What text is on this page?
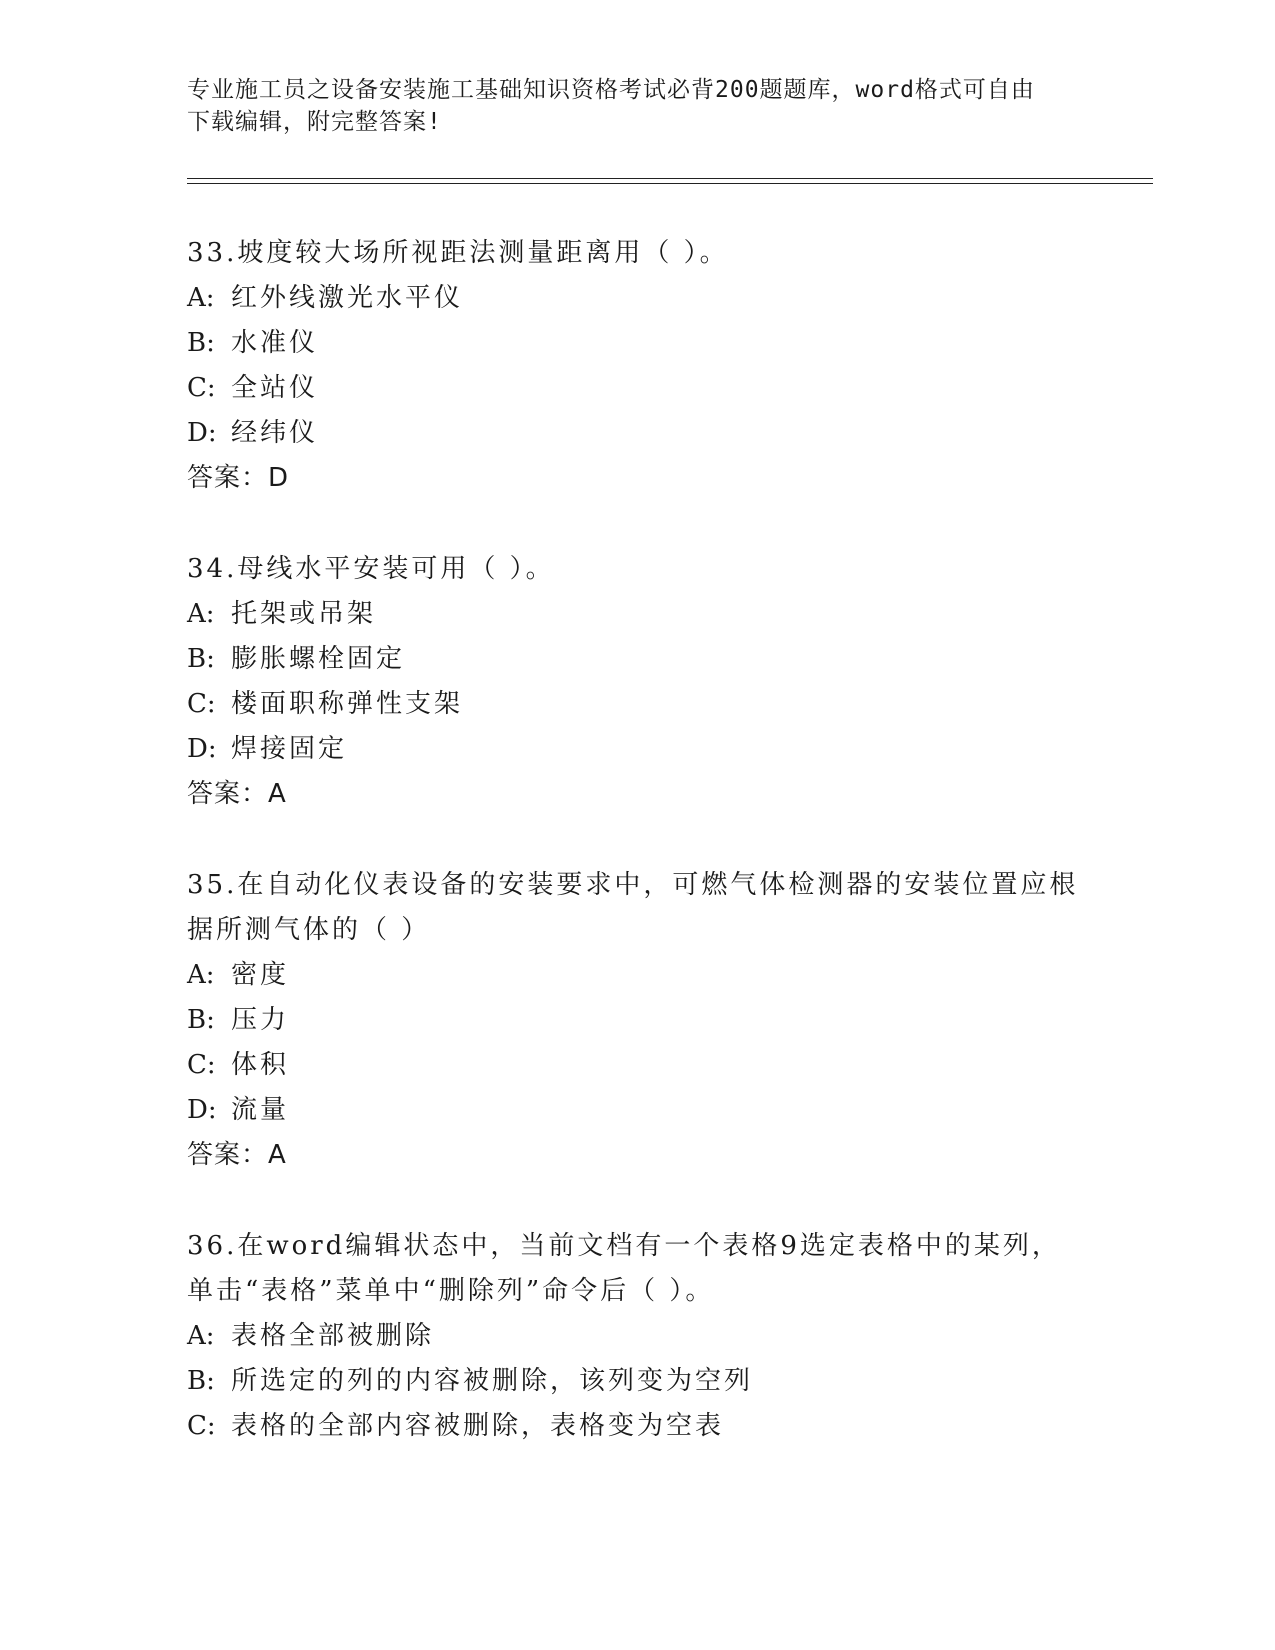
专业施工员之设备安装施工基础知识资格考试必背200题题库，word格式可自由
下载编辑，附完整答案!
33.坡度较大场所视距法测量距离用（ ）。
A: 红外线激光水平仪
B: 水准仪
C: 全站仪
D: 经纬仪
答案：D
34.母线水平安装可用（ ）。
A: 托架或吊架
B: 膨胀螺栓固定
C: 楼面职称弹性支架
D: 焊接固定
答案：A
35.在自动化仪表设备的安装要求中，可燃气体检测器的安装位置应根
据所测气体的（ ）
A: 密度
B: 压力
C: 体积
D: 流量
答案：A
36.在word编辑状态中，当前文档有一个表格9选定表格中的某列，
单击“表格”菜单中“删除列”命令后（ ）。
A: 表格全部被删除
B: 所选定的列的内容被删除，该列变为空列
C: 表格的全部内容被删除，表格变为空表
